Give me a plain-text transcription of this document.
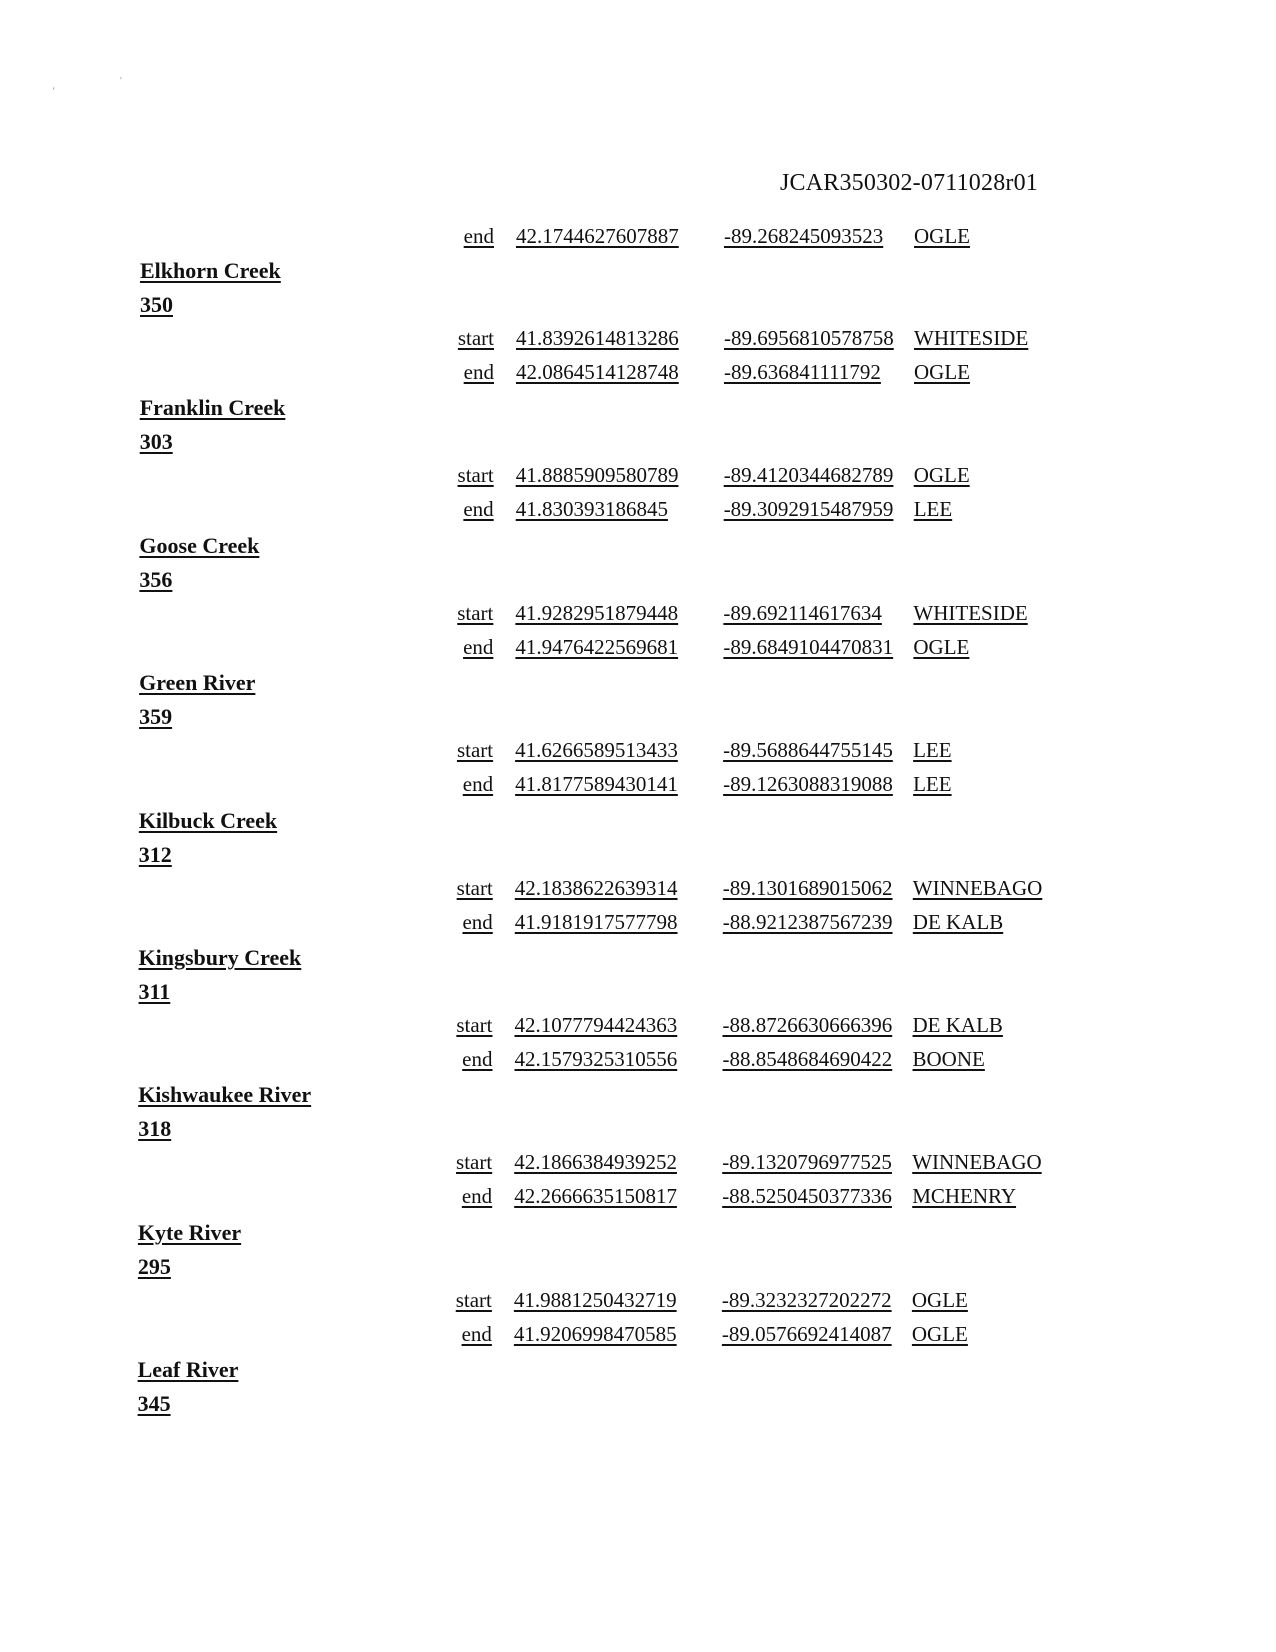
JCAR350302-0711028r01
‘
'
end 42.1744627607887 -89.268245093523 OGLE
Elkhorn Creek
350
start 41.8392614813286 -89.6956810578758 WHITESIDE
end 42.0864514128748 -89.636841111792 OGLE
Franklin Creek
303
start 41.8885909580789 -89.4120344682789 OGLE
end 41.830393186845	-89.3092915487959 LEE
Goose Creek
356
start 41.9282951879448 -89.692114617634 WHITESIDE
end 41.9476422569681 -89.6849104470831 OGLE
Green River
359
start 41.6266589513433 -89.5688644755145 LEE
end 41.8177589430141 -89.1263088319088 LEE
Kilbuck Creek
312
start 42.1838622639314 -89.1301689015062 WINNEBAGO
end 41.9181917577798 -88.9212387567239 DE KALB
Kingsbury Creek
311
start 42.1077794424363 -88.8726630666396 DE KALB
end 42.1579325310556 -88.8548684690422 BOONE
Kishwaukee River
318
start 42.1866384939252 -89.1320796977525 WINNEBAGO
end 42.2666635150817 -88.5250450377336 MCHENRY
Kyte River
295
start 41.9881250432719 -89.3232327202272 OGLE
end 41.9206998470585 -89.0576692414087 OGLE
Leaf River
345
